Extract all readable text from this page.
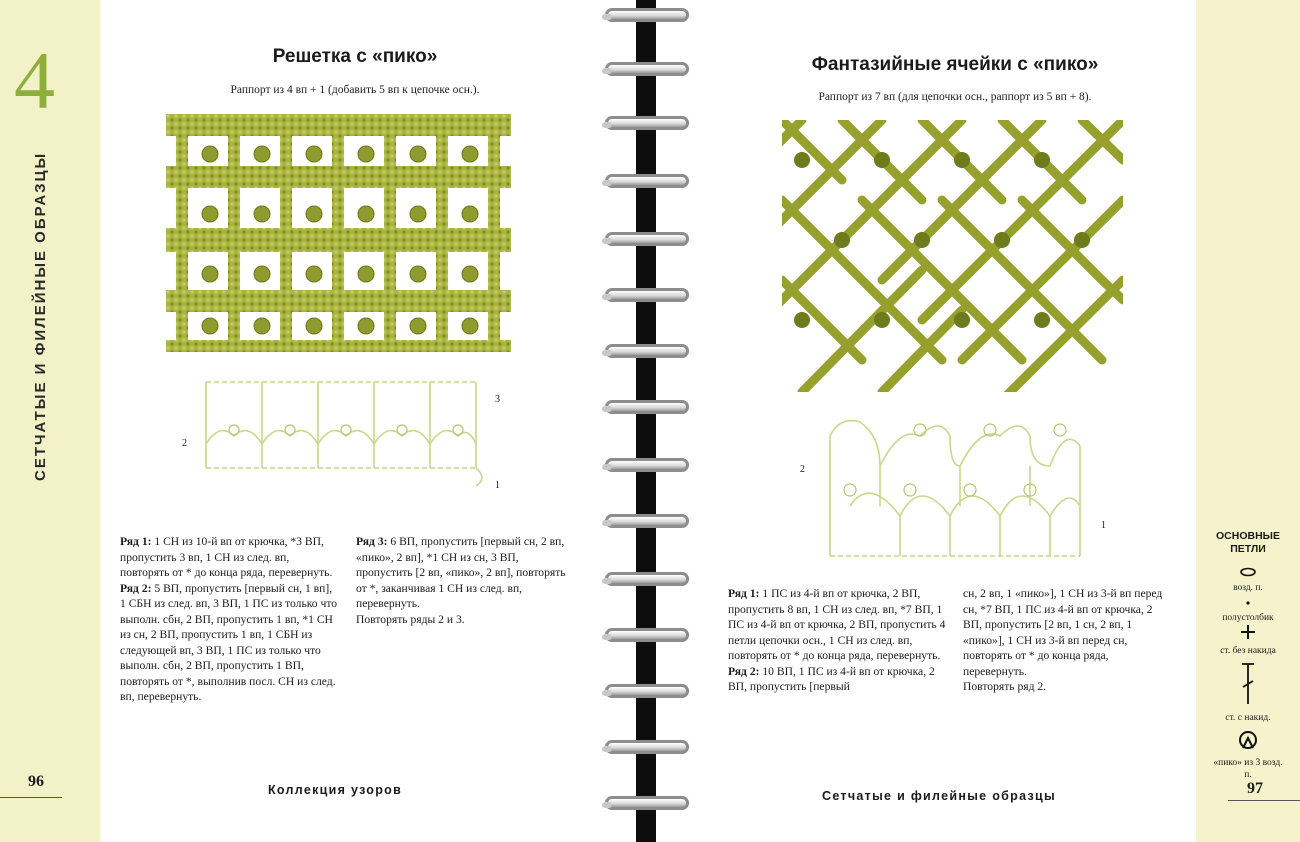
4
СЕТЧАТЫЕ И ФИЛЕЙНЫЕ ОБРАЗЦЫ
Решетка с «пико»
Раппорт из 4 вп + 1 (добавить 5 вп к цепочке осн.).
3
2
1
Ряд 1: 1 СН из 10-й вп от крючка, *3 ВП, пропустить 3 вп, 1 СН из след. вп, повторять от * до конца ряда, перевернуть.
Ряд 2: 5 ВП, пропустить [первый сн, 1 вп], 1 СБН из след. вп, 3 ВП, 1 ПС из только что выполн. сбн, 2 ВП, пропустить 1 вп, *1 СН из сн, 2 ВП, пропустить 1 вп, 1 СБН из следующей вп, 3 ВП, 1 ПС из только что выполн. сбн, 2 ВП, пропустить 1 ВП, повторять от *, выполнив посл. СН из след. вп, перевернуть.
Ряд 3: 6 ВП, пропустить [первый сн, 2 вп, «пико», 2 вп], *1 СН из сн, 3 ВП, пропустить [2 вп, «пико», 2 вп], повторять от *, заканчивая 1 СН из след. вп, перевернуть.
Повторять ряды 2 и 3.
96	Коллекция узоров
Фантазийные ячейки с «пико»
Раппорт из 7 вп (для цепочки осн., раппорт из 5 вп + 8).
2
1
Ряд 1: 1 ПС из 4-й вп от крючка, 2 ВП, пропустить 8 вп, 1 СН из след. вп, *7 ВП, 1 ПС из 4-й вп от крючка, 2 ВП, пропустить 4 петли цепочки осн., 1 СН из след. вп, повторять от * до конца ряда, перевернуть.
Ряд 2: 10 ВП, 1 ПС из 4-й вп от крючка, 2 ВП, пропустить [первый
сн, 2 вп, 1 «пико»], 1 СН из 3-й вп перед сн, *7 ВП, 1 ПС из 4-й вп от крючка, 2 ВП, пропустить [2 вп, 1 сн, 2 вп, 1 «пико»], 1 СН из 3-й вп перед сн, повторять от * до конца ряда, перевернуть.
Повторять ряд 2.
Сетчатые и филейные образцы	97
ОСНОВНЫЕ ПЕТЛИ
возд. п.
полустолбик
ст. без накида
ст. с накид.
«пико» из 3 возд. п.
